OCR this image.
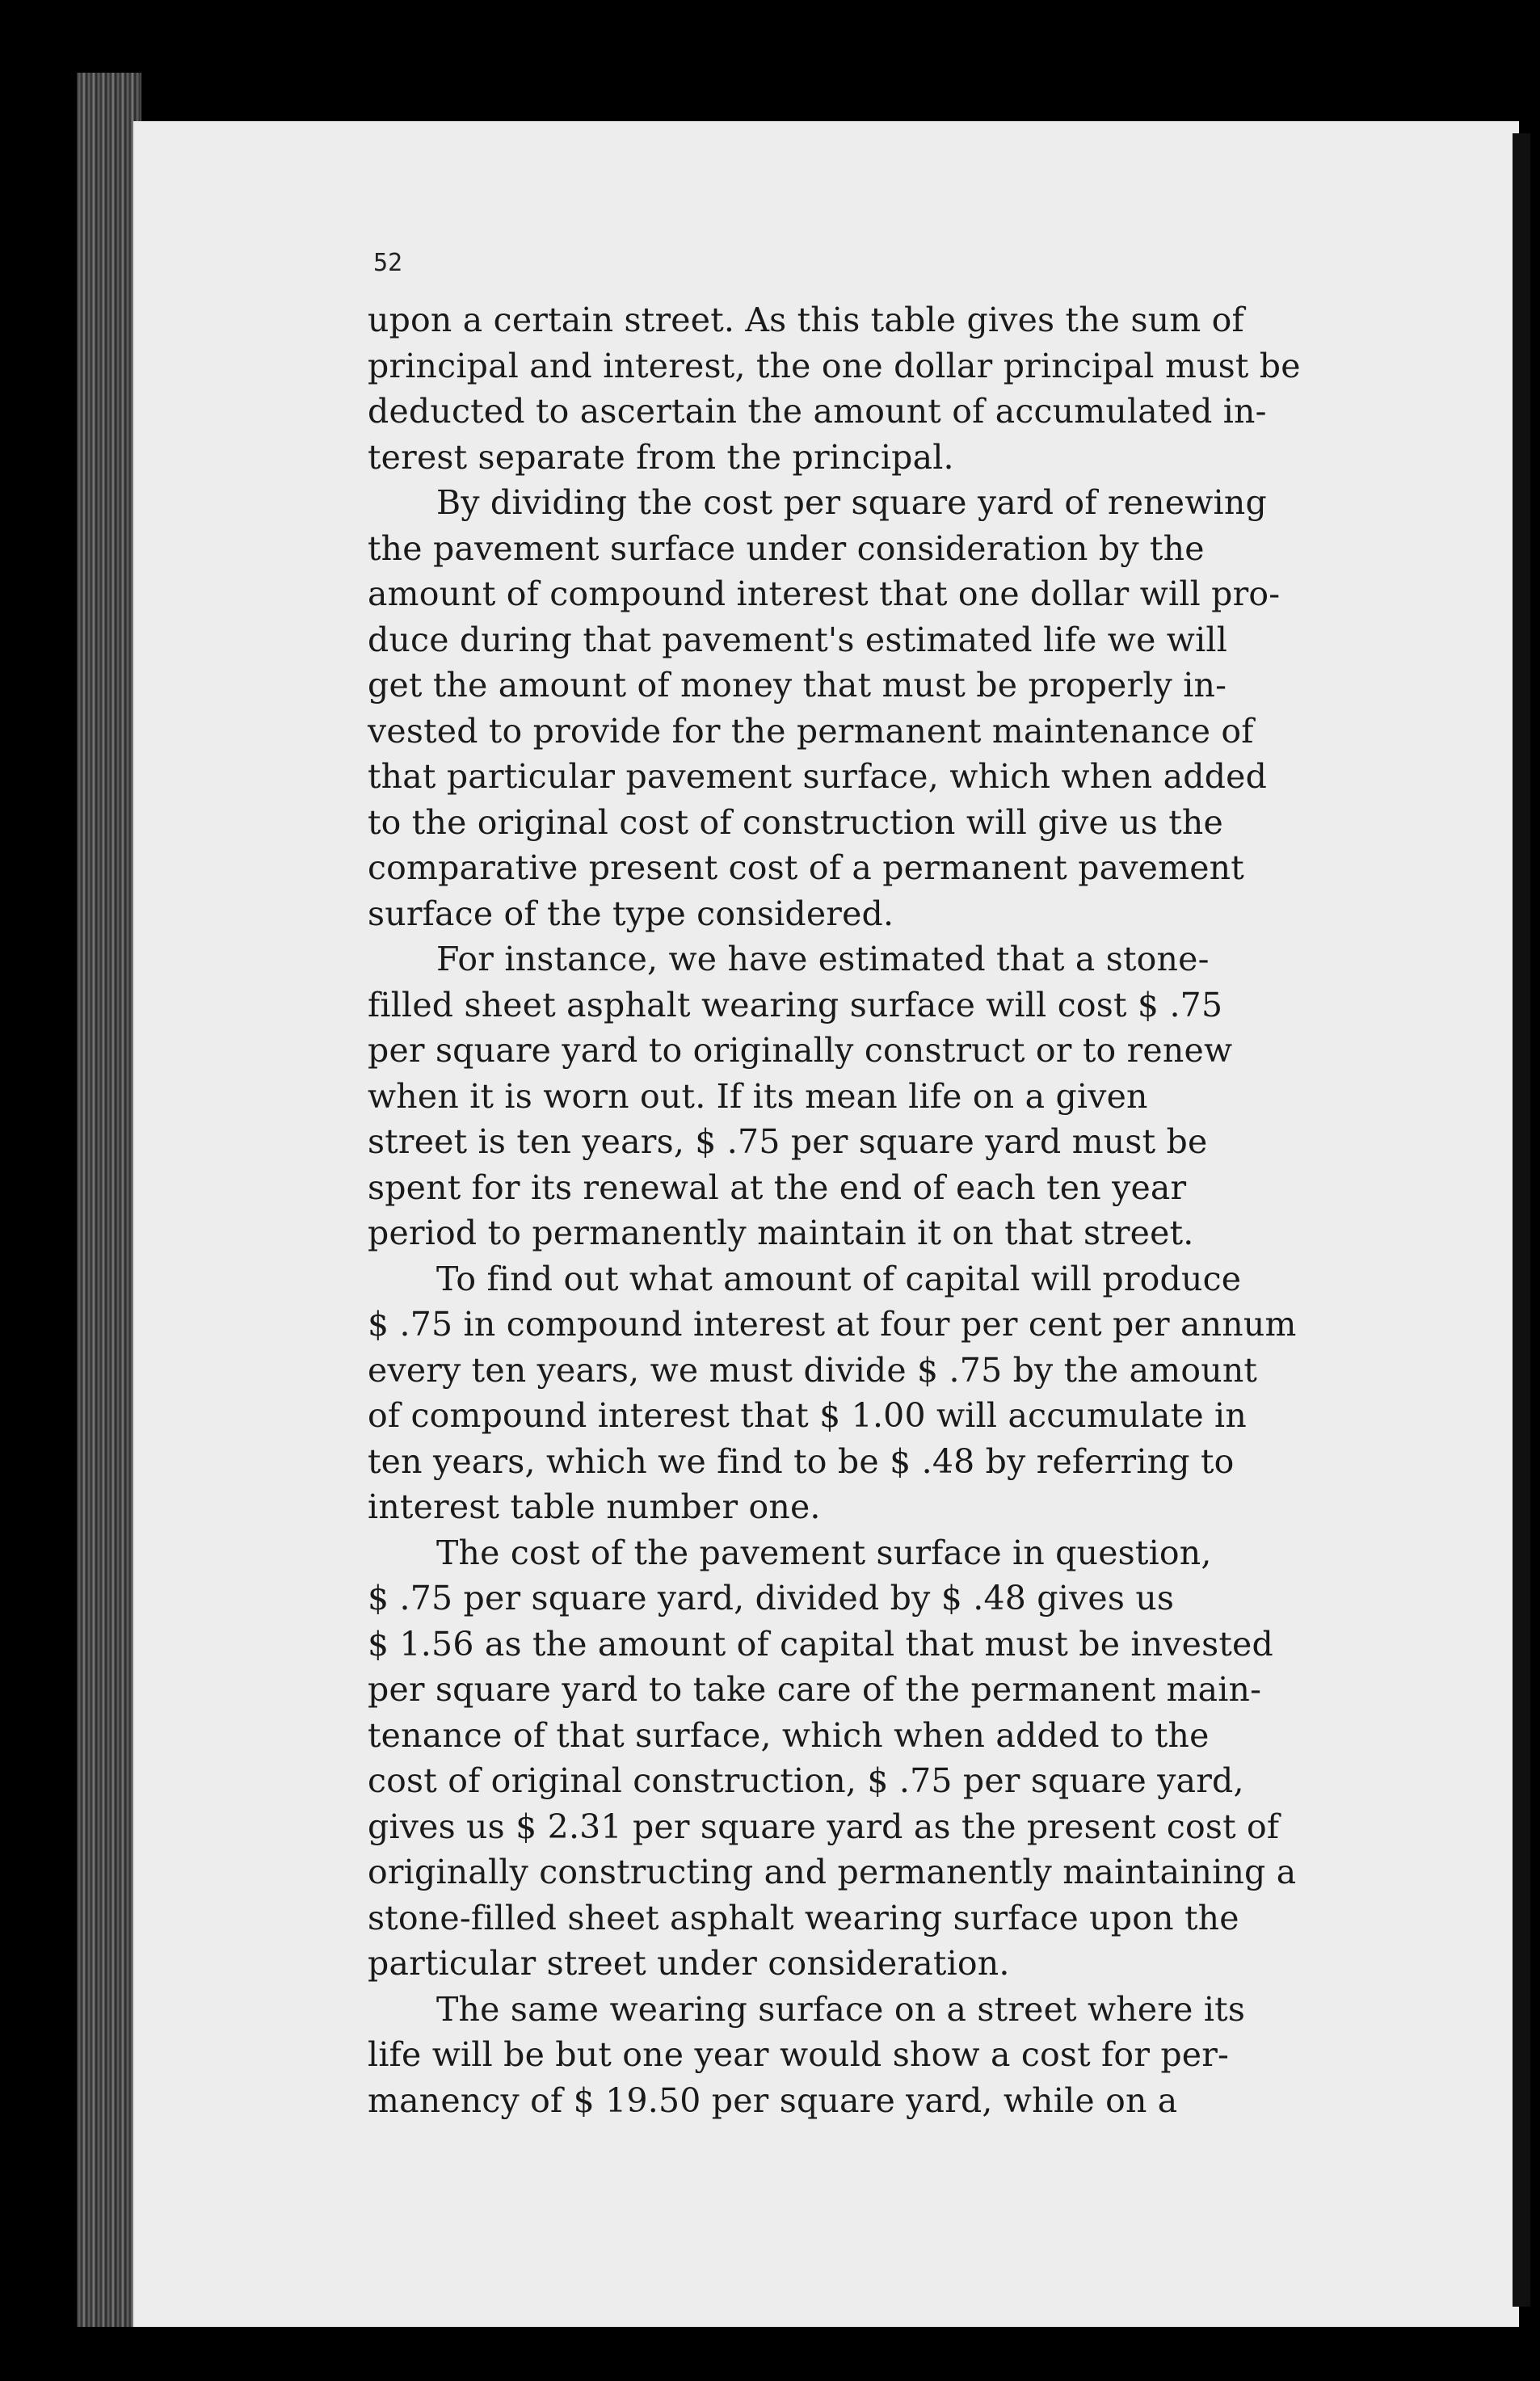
52

upon a certain street. As this table gives the sum of
principal and interest, the one dollar principal must be
deducted to ascertain the amount of accumulated in-
terest separate from the principal.

By dividing the cost per square yard of renewing
the pavement surface under consideration by the
amount of compound interest that one dollar will pro-
duce during that pavement's estimated life we will
get the amount of money that must be properly in-
vested to provide for the permanent maintenance of
that particular pavement surface, which when added
to the original cost of construction will give us the
comparative present cost of a permanent pavement
surface of the type considered.

For instance, we have estimated that a stone-
filled sheet asphalt wearing surface will cost $ .75
per square yard to originally construct or to renew
when it is worn out. If its mean life on a given
street is ten years, $ .75 per square yard must be
spent for its renewal at the end of each ten year
period to permanently maintain it on that street.

To find out what amount of capital will produce
$ .75 in compound interest at four per cent per annum
every ten years, we must divide $ .75 by the amount
of compound interest that $ 1.00 will accumulate in
ten years, which we find to be $ .48 by referring to
interest table number one.

The cost of the pavement surface in question,
$ .75 per square yard, divided by $ .48 gives us
$ 1.56 as the amount of capital that must be invested
per square yard to take care of the permanent main-
tenance of that surface, which when added to the
cost of original construction, $ .75 per square yard,
gives us $ 2.31 per square yard as the present cost of
originally constructing and permanently maintaining a
stone-filled sheet asphalt wearing surface upon the
particular street under consideration.

The same wearing surface on a street where its
life will be but one year would show a cost for per-
manency of $ 19.50 per square yard, while on a
